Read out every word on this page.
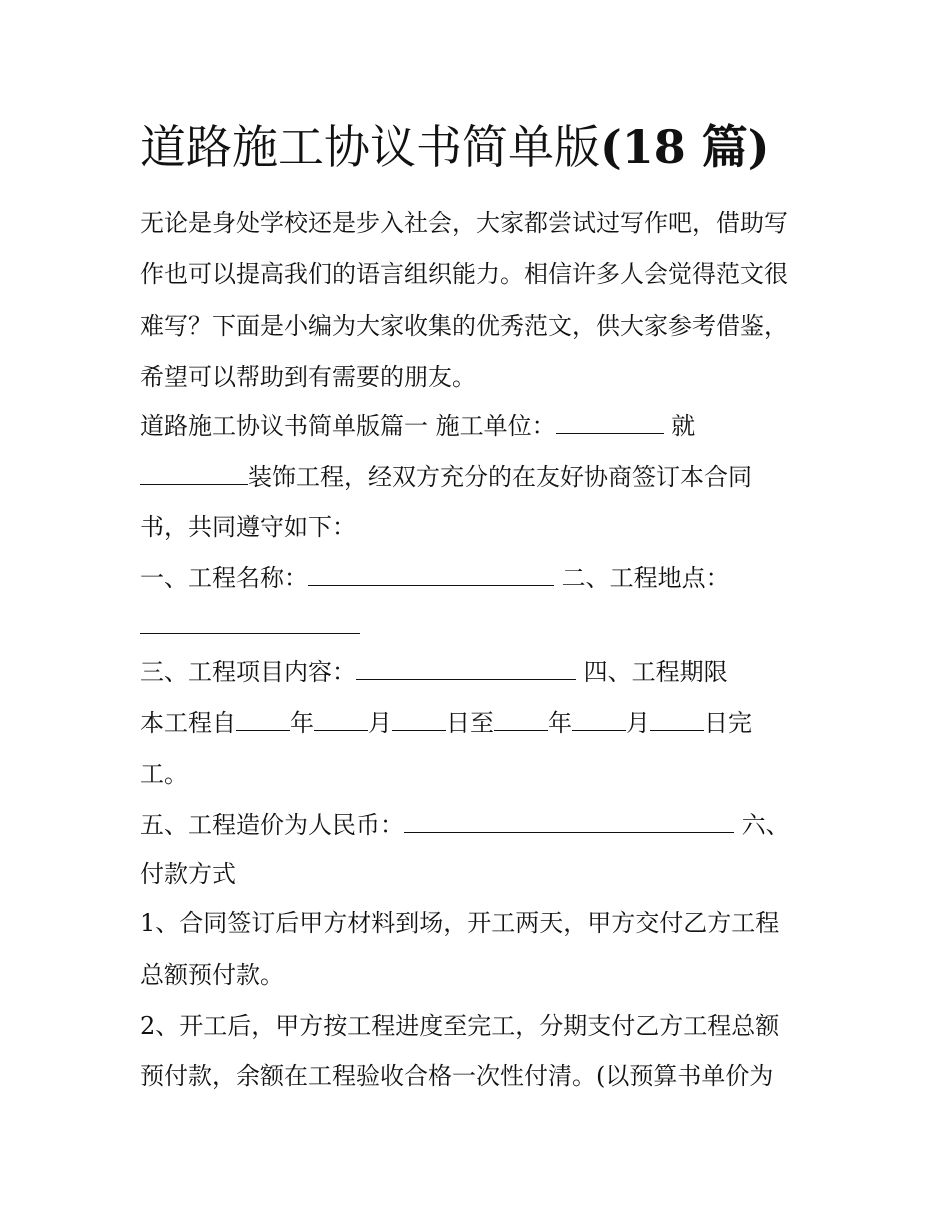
道路施工协议书简单版(18 篇)
无论是身处学校还是步入社会，大家都尝试过写作吧，借助写
作也可以提高我们的语言组织能力。相信许多人会觉得范文很
难写？下面是小编为大家收集的优秀范文，供大家参考借鉴，
希望可以帮助到有需要的朋友。
道路施工协议书简单版篇一 施工单位：	就
装饰工程，经双方充分的在友好协商签订本合同
书，共同遵守如下：
一、工程名称：	二、工程地点：
三、工程项目内容：	四、工程期限
本工程自 年 月 日至 年 月 日完
工。
五、工程造价为人民币：	六、
付款方式
1、合同签订后甲方材料到场，开工两天，甲方交付乙方工程
总额预付款。
2、开工后，甲方按工程进度至完工，分期支付乙方工程总额
预付款，余额在工程验收合格一次性付清。(以预算书单价为
